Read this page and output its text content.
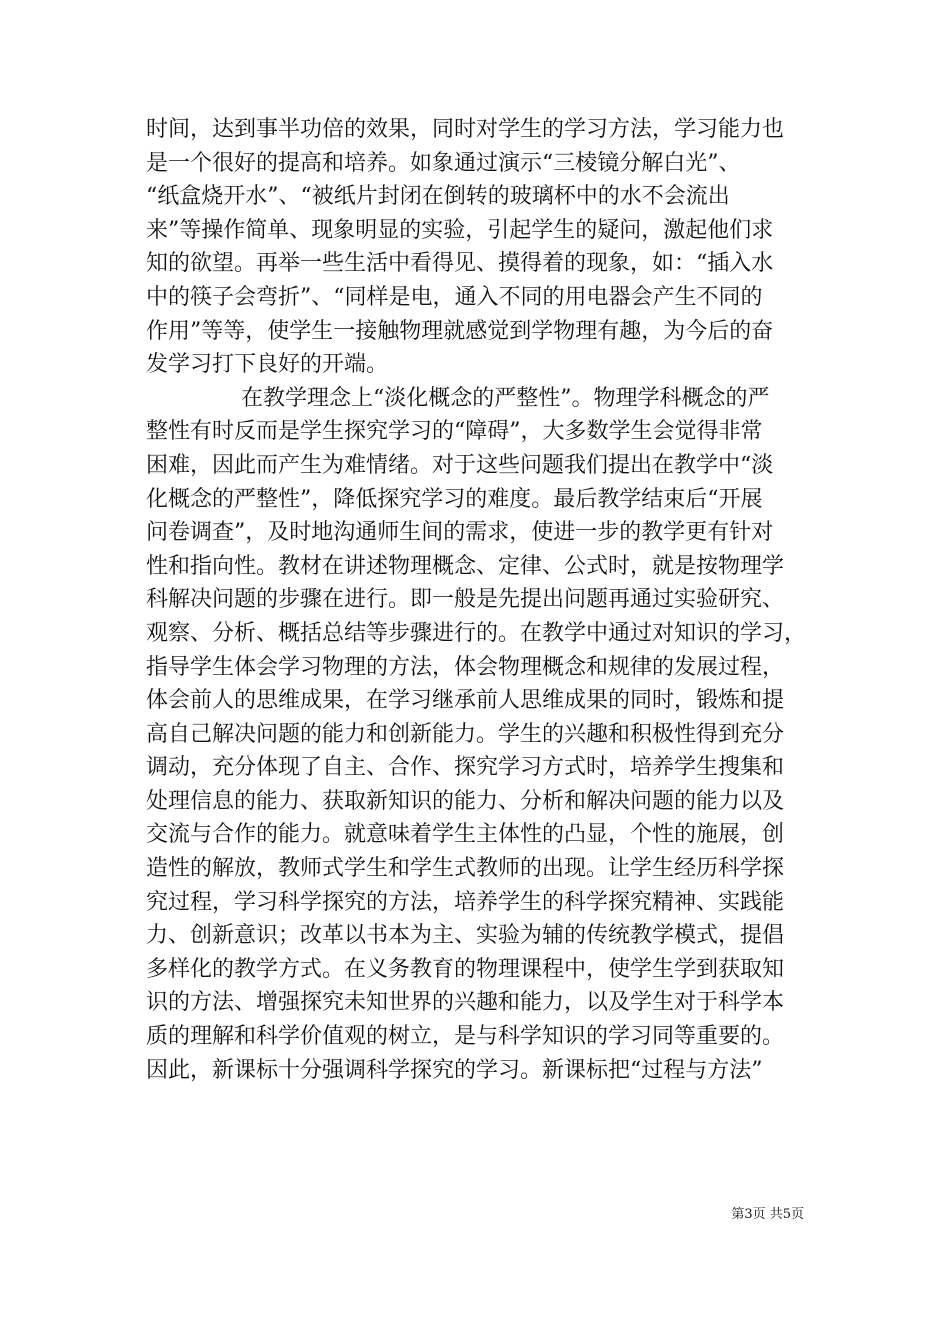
时间，达到事半功倍的效果，同时对学生的学习方法，学习能力也
是一个很好的提高和培养。如象通过演示“三棱镜分解白光”、
“纸盒烧开水”、“被纸片封闭在倒转的玻璃杯中的水不会流出
来”等操作简单、现象明显的实验，引起学生的疑问，激起他们求
知的欲望。再举一些生活中看得见、摸得着的现象，如：“插入水
中的筷子会弯折”、“同样是电，通入不同的用电器会产生不同的
作用”等等，使学生一接触物理就感觉到学物理有趣，为今后的奋
发学习打下良好的开端。
在教学理念上“淡化概念的严整性”。物理学科概念的严
整性有时反而是学生探究学习的“障碍”，大多数学生会觉得非常
困难，因此而产生为难情绪。对于这些问题我们提出在教学中“淡
化概念的严整性”，降低探究学习的难度。最后教学结束后“开展
问卷调查”，及时地沟通师生间的需求，使进一步的教学更有针对
性和指向性。教材在讲述物理概念、定律、公式时，就是按物理学
科解决问题的步骤在进行。即一般是先提出问题再通过实验研究、
观察、分析、概括总结等步骤进行的。在教学中通过对知识的学习，
指导学生体会学习物理的方法，体会物理概念和规律的发展过程，
体会前人的思维成果，在学习继承前人思维成果的同时，锻炼和提
高自己解决问题的能力和创新能力。学生的兴趣和积极性得到充分
调动，充分体现了自主、合作、探究学习方式时，培养学生搜集和
处理信息的能力、获取新知识的能力、分析和解决问题的能力以及
交流与合作的能力。就意味着学生主体性的凸显，个性的施展，创
造性的解放，教师式学生和学生式教师的出现。让学生经历科学探
究过程，学习科学探究的方法，培养学生的科学探究精神、实践能
力、创新意识；改革以书本为主、实验为辅的传统教学模式，提倡
多样化的教学方式。在义务教育的物理课程中，使学生学到获取知
识的方法、增强探究未知世界的兴趣和能力，以及学生对于科学本
质的理解和科学价值观的树立，是与科学知识的学习同等重要的。
因此，新课标十分强调科学探究的学习。新课标把“过程与方法”
第3页 共5页
